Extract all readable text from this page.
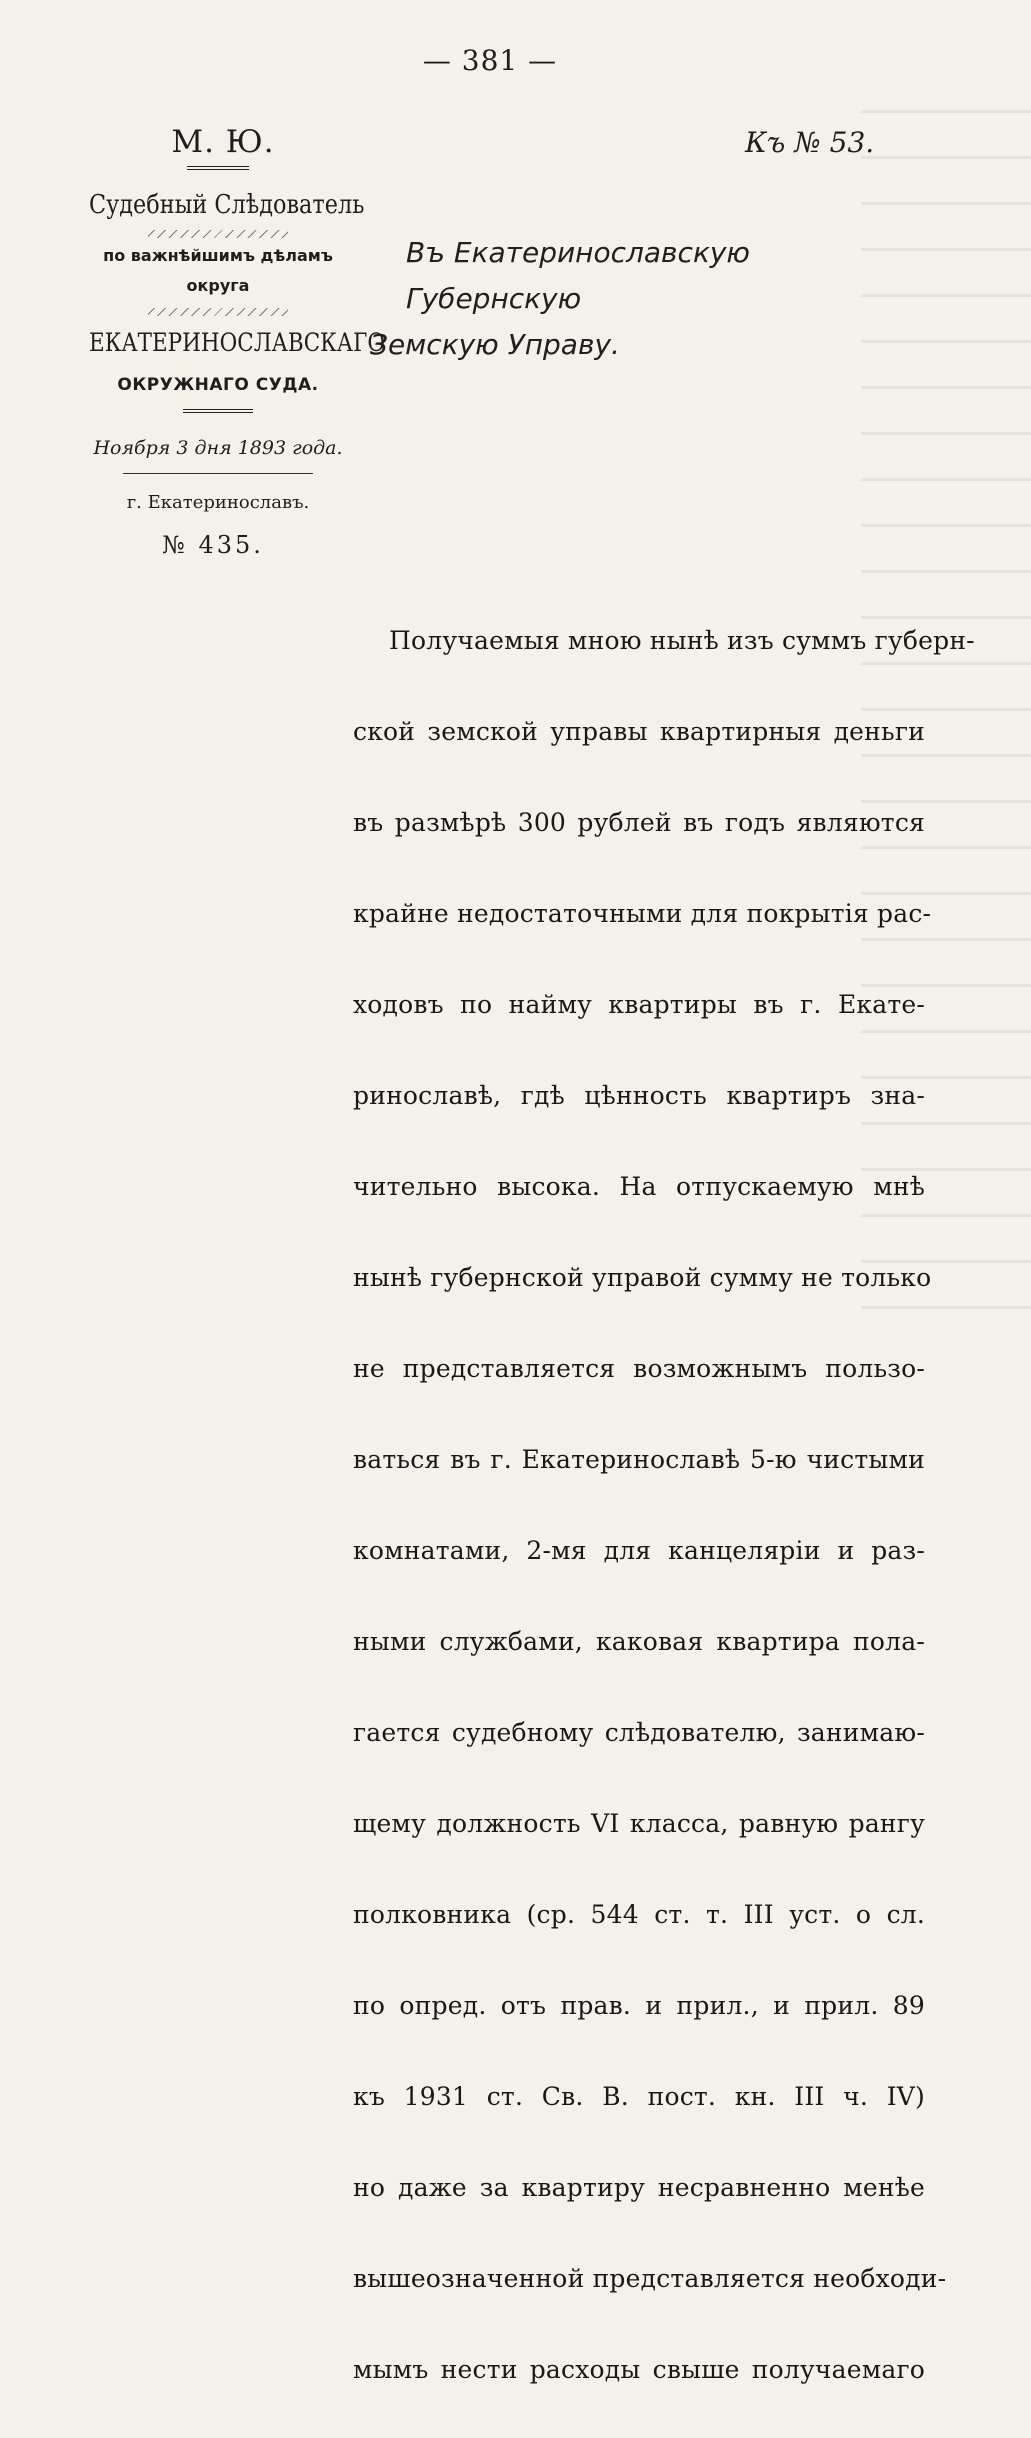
— 381 —
М. Ю.
Судебный Слѣдователь
по важнѣйшимъ дѣламъ
округа
ЕКАТЕРИНОСЛАВСКАГО
ОКРУЖНАГО СУДА.
Ноября 3 дня 1893 года.
г. Екатеринославъ.
№ 435.
Къ № 53.
Въ Екатеринославскую Губернскую
Земскую Управу.

Получаемыя мною нынѣ изъ суммъ губерн-

ской земской управы квартирныя деньги

въ размѣрѣ 300 рублей въ годъ являются

крайне недостаточными для покрытія рас-

ходовъ по найму квартиры въ г. Екате-

ринославѣ, гдѣ цѣнность квартиръ зна-

чительно высока. На отпускаемую мнѣ

нынѣ губернской управой сумму не только

не представляется возможнымъ пользо-

ваться въ г. Екатеринославѣ 5-ю чистыми

комнатами, 2-мя для канцеляріи и раз-

ными службами, каковая квартира пола-

гается судебному слѣдователю, занимаю-

щему должность VI класса, равную рангу

полковника (ср. 544 ст. т. III уст. о сл.

по опред. отъ прав. и прил., и прил. 89

къ 1931 ст. Св. В. пост. кн. III ч. IV)

но даже за квартиру несравненно менѣе

вышеозначенной представляется необходи-

мымъ нести расходы свыше получаемаго
